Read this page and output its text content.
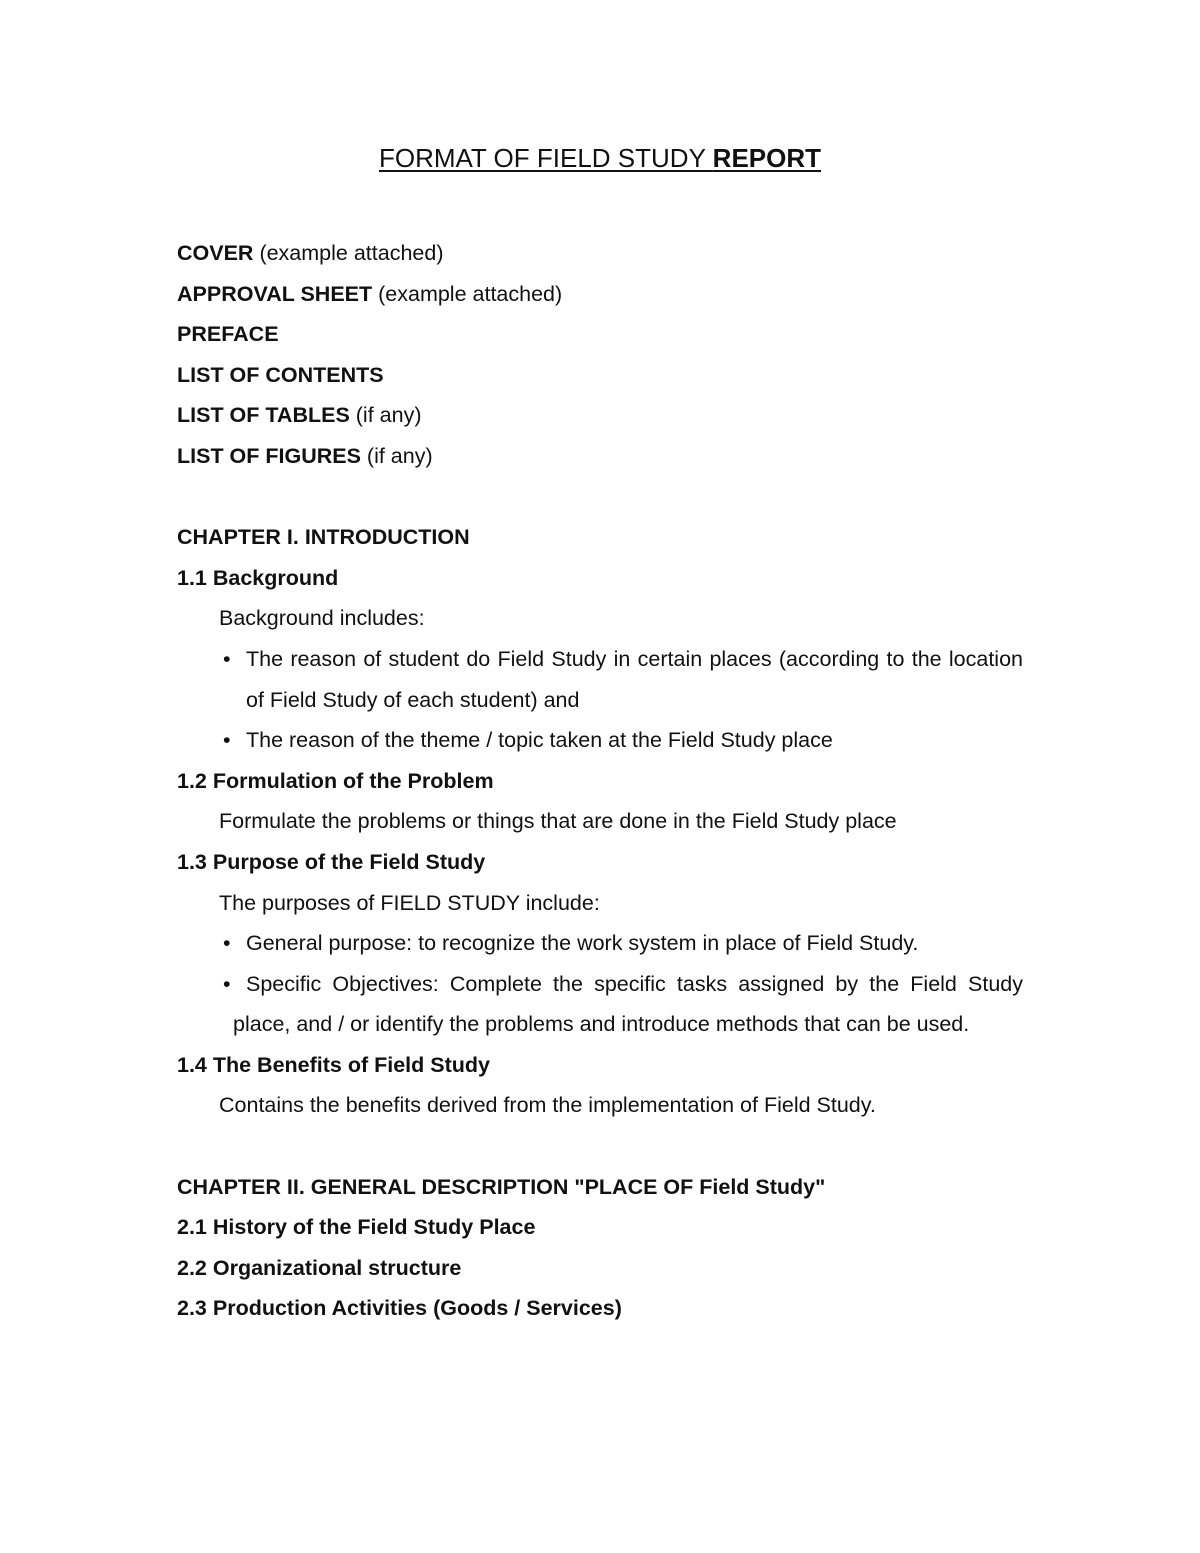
FORMAT OF FIELD STUDY REPORT

COVER (example attached)

APPROVAL SHEET (example attached)

PREFACE

LIST OF CONTENTS

LIST OF TABLES (if any)

LIST OF FIGURES (if any)

CHAPTER I. INTRODUCTION

1.1 Background

Background includes:

• The reason of student do Field Study in certain places (according to the location of Field Study of each student) and
• The reason of the theme / topic taken at the Field Study place

1.2 Formulation of the Problem

Formulate the problems or things that are done in the Field Study place

1.3 Purpose of the Field Study

The purposes of FIELD STUDY include:

• General purpose: to recognize the work system in place of Field Study.
• Specific Objectives: Complete the specific tasks assigned by the Field Study place, and / or identify the problems and introduce methods that can be used.

1.4 The Benefits of Field Study

Contains the benefits derived from the implementation of Field Study.

CHAPTER II. GENERAL DESCRIPTION "PLACE OF Field Study"

2.1 History of the Field Study Place

2.2 Organizational structure

2.3 Production Activities (Goods / Services)
